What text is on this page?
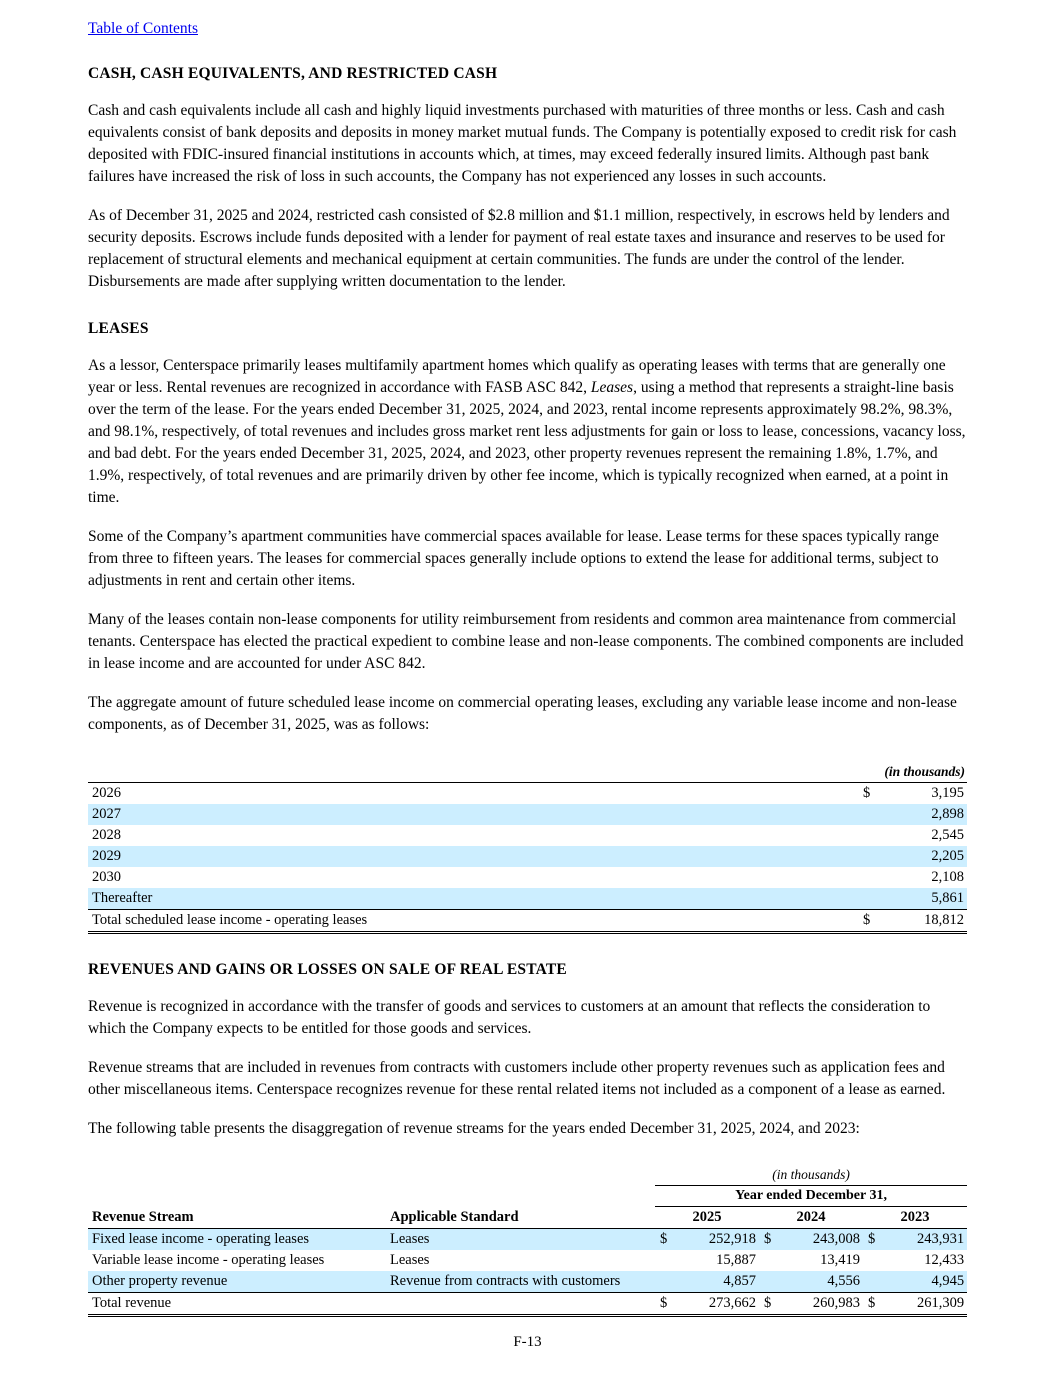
Table of Contents
CASH, CASH EQUIVALENTS, AND RESTRICTED CASH

Cash and cash equivalents include all cash and highly liquid investments purchased with maturities of three months or less. Cash and cash equivalents consist of bank deposits and deposits in money market mutual funds. The Company is potentially exposed to credit risk for cash deposited with FDIC-insured financial institutions in accounts which, at times, may exceed federally insured limits. Although past bank failures have increased the risk of loss in such accounts, the Company has not experienced any losses in such accounts.

As of December 31, 2025 and 2024, restricted cash consisted of $2.8 million and $1.1 million, respectively, in escrows held by lenders and security deposits. Escrows include funds deposited with a lender for payment of real estate taxes and insurance and reserves to be used for replacement of structural elements and mechanical equipment at certain communities. The funds are under the control of the lender. Disbursements are made after supplying written documentation to the lender.

LEASES

As a lessor, Centerspace primarily leases multifamily apartment homes which qualify as operating leases with terms that are generally one year or less. Rental revenues are recognized in accordance with FASB ASC 842, Leases, using a method that represents a straight-line basis over the term of the lease. For the years ended December 31, 2025, 2024, and 2023, rental income represents approximately 98.2%, 98.3%, and 98.1%, respectively, of total revenues and includes gross market rent less adjustments for gain or loss to lease, concessions, vacancy loss, and bad debt. For the years ended December 31, 2025, 2024, and 2023, other property revenues represent the remaining 1.8%, 1.7%, and 1.9%, respectively, of total revenues and are primarily driven by other fee income, which is typically recognized when earned, at a point in time.

Some of the Company’s apartment communities have commercial spaces available for lease. Lease terms for these spaces typically range from three to fifteen years. The leases for commercial spaces generally include options to extend the lease for additional terms, subject to adjustments in rent and certain other items.

Many of the leases contain non-lease components for utility reimbursement from residents and common area maintenance from commercial tenants. Centerspace has elected the practical expedient to combine lease and non-lease components. The combined components are included in lease income and are accounted for under ASC 842.

The aggregate amount of future scheduled lease income on commercial operating leases, excluding any variable lease income and non-lease components, as of December 31, 2025, was as follows:

(in thousands)		
2026	$	3,195
2027		2,898
2028		2,545
2029		2,205
2030		2,108
Thereafter		5,861
Total scheduled lease income - operating leases	$	18,812
REVENUES AND GAINS OR LOSSES ON SALE OF REAL ESTATE

Revenue is recognized in accordance with the transfer of goods and services to customers at an amount that reflects the consideration to which the Company expects to be entitled for those goods and services.

Revenue streams that are included in revenues from contracts with customers include other property revenues such as application fees and other miscellaneous items. Centerspace recognizes revenue for these rental related items not included as a component of a lease as earned.

The following table presents the disaggregation of revenue streams for the years ended December 31, 2025, 2024, and 2023:

		(in thousands)					
		Year ended December 31,					
Revenue Stream	Applicable Standard	2025		2024		2023	
Fixed lease income - operating leases	Leases	$	252,918	$	243,008	$	243,931
Variable lease income - operating leases	Leases		15,887		13,419		12,433
Other property revenue	Revenue from contracts with customers		4,857		4,556		4,945
Total revenue		$	273,662	$	260,983	$	261,309
F-13
